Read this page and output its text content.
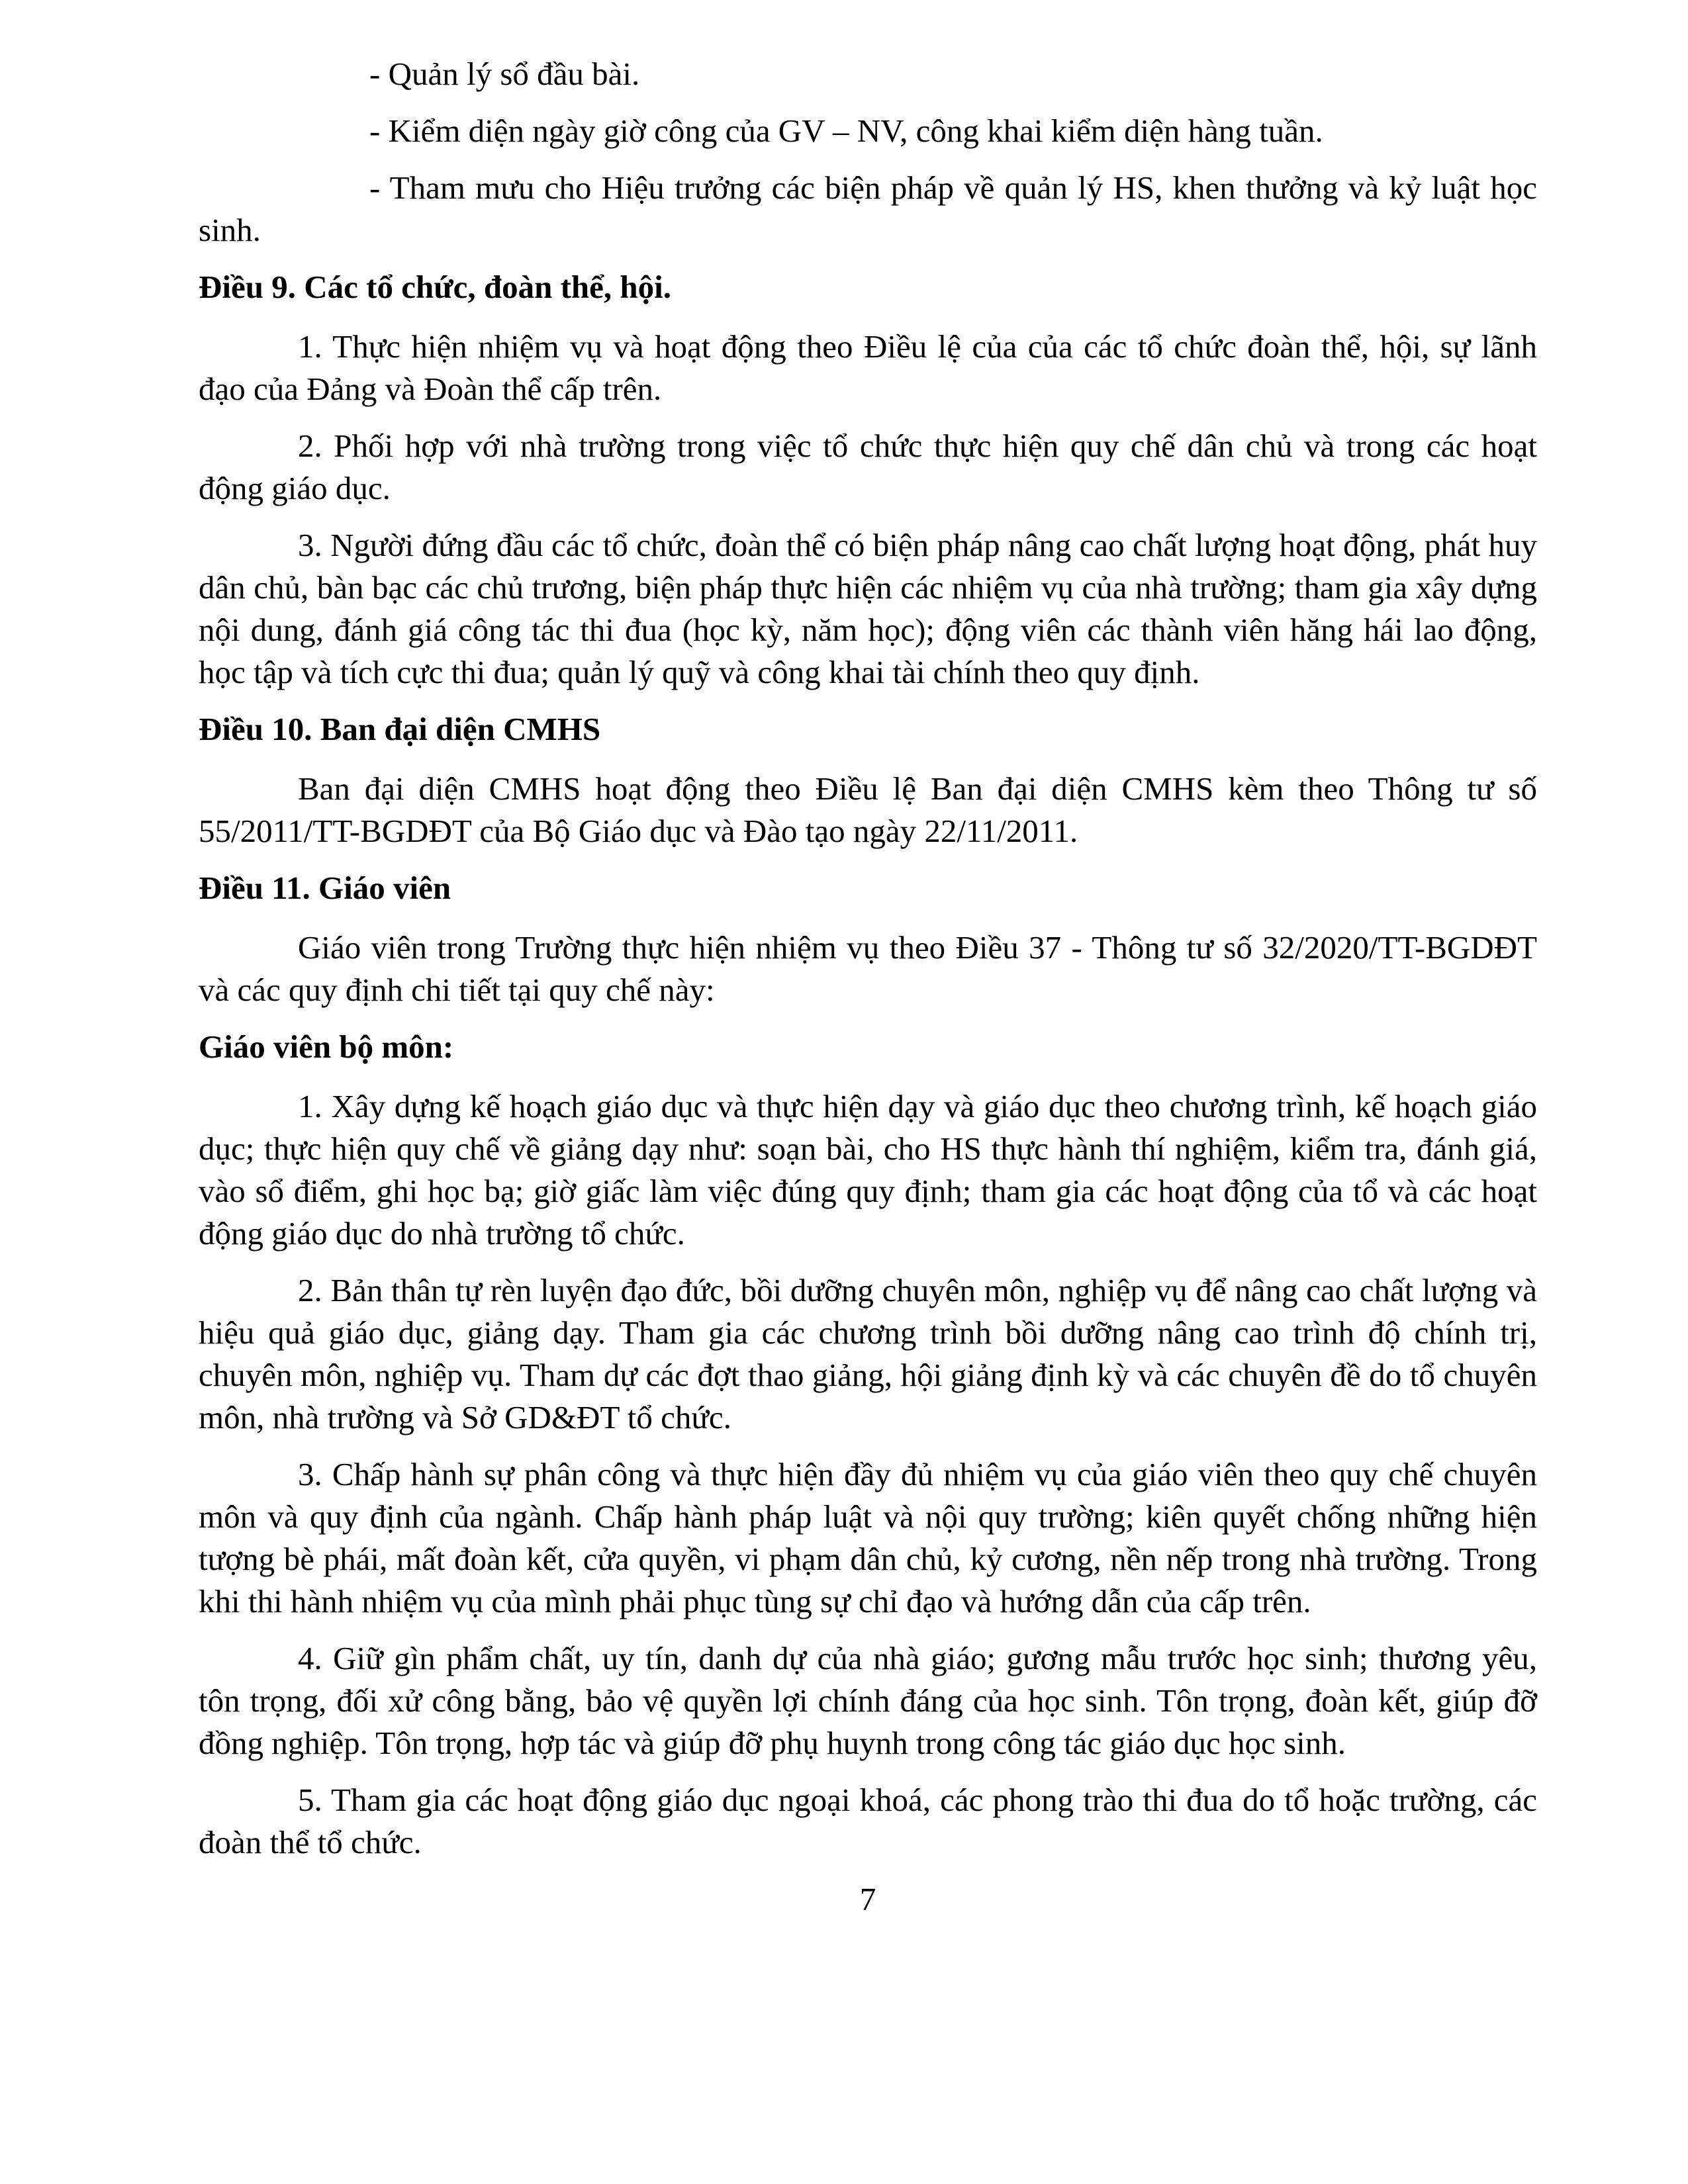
- Quản lý sổ đầu bài.

- Kiểm diện ngày giờ công của GV – NV, công khai kiểm diện hàng tuần.

- Tham mưu cho Hiệu trưởng các biện pháp về quản lý HS, khen thưởng và kỷ luật học sinh.

Điều 9. Các tổ chức, đoàn thể, hội.

1. Thực hiện nhiệm vụ và hoạt động theo Điều lệ của của các tổ chức đoàn thể, hội, sự lãnh đạo của Đảng và Đoàn thể cấp trên.

2. Phối hợp với nhà trường trong việc tổ chức thực hiện quy chế dân chủ và trong các hoạt động giáo dục.

3. Người đứng đầu các tổ chức, đoàn thể có biện pháp nâng cao chất lượng hoạt động, phát huy dân chủ, bàn bạc các chủ trương, biện pháp thực hiện các nhiệm vụ của nhà trường; tham gia xây dựng nội dung, đánh giá công tác thi đua (học kỳ, năm học); động viên các thành viên hăng hái lao động, học tập và tích cực thi đua; quản lý quỹ và công khai tài chính theo quy định.

Điều 10. Ban đại diện CMHS

Ban đại diện CMHS hoạt động theo Điều lệ Ban đại diện CMHS kèm theo Thông tư số 55/2011/TT-BGDĐT của Bộ Giáo dục và Đào tạo ngày 22/11/2011.

Điều 11. Giáo viên

Giáo viên trong Trường thực hiện nhiệm vụ theo Điều 37 - Thông tư số 32/2020/TT-BGDĐT và các quy định chi tiết tại quy chế này:

Giáo viên bộ môn:

1. Xây dựng kế hoạch giáo dục và thực hiện dạy và giáo dục theo chương trình, kế hoạch giáo dục; thực hiện quy chế về giảng dạy như: soạn bài, cho HS thực hành thí nghiệm, kiểm tra, đánh giá, vào sổ điểm, ghi học bạ; giờ giấc làm việc đúng quy định; tham gia các hoạt động của tổ và các hoạt động giáo dục do nhà trường tổ chức.

2. Bản thân tự rèn luyện đạo đức, bồi dưỡng chuyên môn, nghiệp vụ để nâng cao chất lượng và hiệu quả giáo dục, giảng dạy. Tham gia các chương trình bồi dưỡng nâng cao trình độ chính trị, chuyên môn, nghiệp vụ. Tham dự các đợt thao giảng, hội giảng định kỳ và các chuyên đề do tổ chuyên môn, nhà trường và Sở GD&ĐT tổ chức.

3. Chấp hành sự phân công và thực hiện đầy đủ nhiệm vụ của giáo viên theo quy chế chuyên môn và quy định của ngành. Chấp hành pháp luật và nội quy trường; kiên quyết chống những hiện tượng bè phái, mất đoàn kết, cửa quyền, vi phạm dân chủ, kỷ cương, nền nếp trong nhà trường. Trong khi thi hành nhiệm vụ của mình phải phục tùng sự chỉ đạo và hướng dẫn của cấp trên.

4. Giữ gìn phẩm chất, uy tín, danh dự của nhà giáo; gương mẫu trước học sinh; thương yêu, tôn trọng, đối xử công bằng, bảo vệ quyền lợi chính đáng của học sinh. Tôn trọng, đoàn kết, giúp đỡ đồng nghiệp. Tôn trọng, hợp tác và giúp đỡ phụ huynh trong công tác giáo dục học sinh.

5. Tham gia các hoạt động giáo dục ngoại khoá, các phong trào thi đua do tổ hoặc trường, các đoàn thể tổ chức.

7
